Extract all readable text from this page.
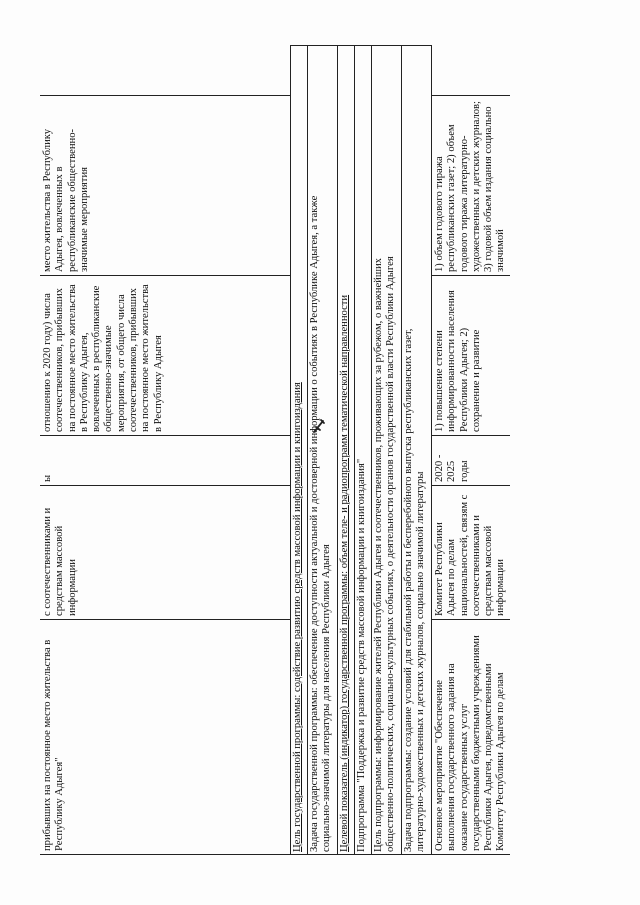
прибывших на постоянное место жительства в Республику Адыгея"
с соотечественниками и средствам массовой информации
ы
отношению к 2020 году) числа соотечественников, прибывших на постоянное место жительства в Республику Адыгея, вовлеченных в республиканские общественно-значимые мероприятия, от общего числа соотечественников, прибывших на постоянное место жительства в Республику Адыгея
место жительства в Республику Адыгея, вовлеченных в республиканские общественно-значимые мероприятия
Цель государственной программы: содействие развитию средств массовой информации и книгоиздания Задача государственной программы: обеспечение доступности актуальной и достоверной информации о событиях в Республике Адыгея, а также социально-значимой литературы для населения Республики Адыгея Целевой показатель (индикатор) государственной программы: объем теле- и радиопрограмм тематической направленности Подпрограмма "Поддержка и развитие средств массовой информации и книгоиздания" Цель подпрограммы: информирование жителей Республики Адыгея и соотечественников, проживающих за рубежом, о важнейших общественно-политических, социально-культурных событиях, о деятельности органов государственной власти Республики Адыгея Задача подпрограммы: создание условий для стабильной работы и бесперебойного выпуска республиканских газет, литературно-художественных и детских журналов, социально значимой литературы Основное мероприятие "Обеспечение выполнения государственного задания на оказание государственных услуг государственными бюджетными учреждениями Республики Адыгея, подведомственными Комитету Республики Адыгея по делам
Комитет Республики Адыгея по делам национальностей, связям с соотечественниками и средствам массовой информации
2020 - 2025 годы
1) повышение степени информированности населения Республики Адыгея; 2) сохранение и развитие
1) объем годового тиража республиканских газет; 2) объем годового тиража литературно-художественных и детских журналов; 3) годовой объем издания социально значимой
